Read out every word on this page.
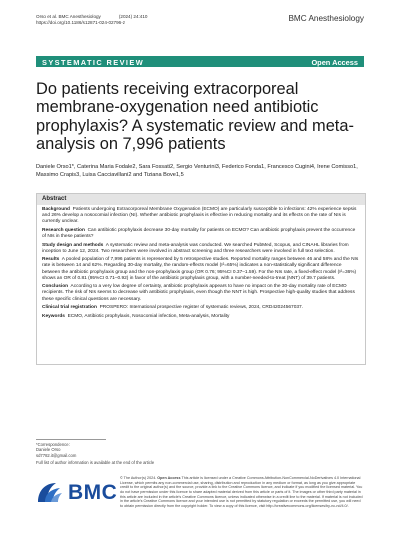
Orso et al. BMC Anesthesiology	(2024) 24:410
https://doi.org/10.1186/s12871-024-02796-z	BMC Anesthesiology
SYSTEMATIC REVIEW	Open Access
Do patients receiving extracorporeal membrane-oxygenation need antibiotic prophylaxis? A systematic review and meta-analysis on 7,996 patients
Daniele Orso1*, Caterina Maria Fodale2, Sara Fossati2, Sergio Venturini3, Federico Fonda1, Francesco Cugini4, Irene Comisso1, Massimo Crapis3, Luisa Cacciavillani2 and Tiziana Bove1,5
Abstract

Background Patients undergoing Extracorporeal Membrane Oxygenation (ECMO) are particularly susceptible to infections: 42% experience sepsis and 26% develop a nosocomial infection (NI). Whether antibiotic prophylaxis is effective in reducing mortality and its effects on the rate of NIs is currently unclear.

Research question Can antibiotic prophylaxis decrease 30-day mortality for patients on ECMO? Can antibiotic prophylaxis prevent the occurrence of NIs in these patients?

Study design and methods A systematic review and meta-analysis was conducted. We searched PubMed, Scopus, and CINAHL libraries from inception to June 12, 2024. Two researchers were involved in abstract screening and three researchers were involved in full text selection.

Results A pooled population of 7,996 patients is represented by 5 retrospective studies. Reported mortality ranges between 46 and 58% and the NIs rate is between 14 and 62%. Regarding 30-day mortality, the random-effects model (I²=65%) indicates a non-statistically significant difference between the antibiotic prophylaxis group and the non-prophylaxis group (OR 0.76; 95%CI 0.37–1.59). For the NIs rate, a fixed-effect model (I²=36%) shows an OR of 0.81 (95%CI 0.71–0.92) in favor of the antibiotic prophylaxis group, with a number-needed-to-treat (NNT) of 39.7 patients.

Conclusion According to a very low degree of certainty, antibiotic prophylaxis appears to have no impact on the 30-day mortality rate of ECMO recipients. The risk of NIs seems to decrease with antibiotic prophylaxis, even though the NNT is high. Prospective high-quality studies that address these specific clinical questions are necessary.

Clinical trial registration PROSPERO: International prospective register of systematic reviews, 2024, CRD42024567037.

Keywords ECMO, Antibiotic prophylaxis, Nosocomial infection, Meta-analysis, Mortality

*Correspondence:
Daniele Orso
sd7782.it@gmail.com
Full list of author information is available at the end of the article
BMC
© The Author(s) 2024. Open Access This article is licensed under a Creative Commons Attribution-NonCommercial-NoDerivatives 4.0 International License, which permits any non-commercial use, sharing, distribution and reproduction in any medium or format, as long as you give appropriate credit to the original author(s) and the source, provide a link to the Creative Commons licence, and indicate if you modified the licensed material. You do not have permission under this licence to share adapted material derived from this article or parts of it. The images or other third party material in this article are included in the article's Creative Commons licence, unless indicated otherwise in a credit line to the material. If material is not included in the article's Creative Commons licence and your intended use is not permitted by statutory regulation or exceeds the permitted use, you will need to obtain permission directly from the copyright holder. To view a copy of this licence, visit http://creativecommons.org/licenses/by-nc-nd/4.0/.
